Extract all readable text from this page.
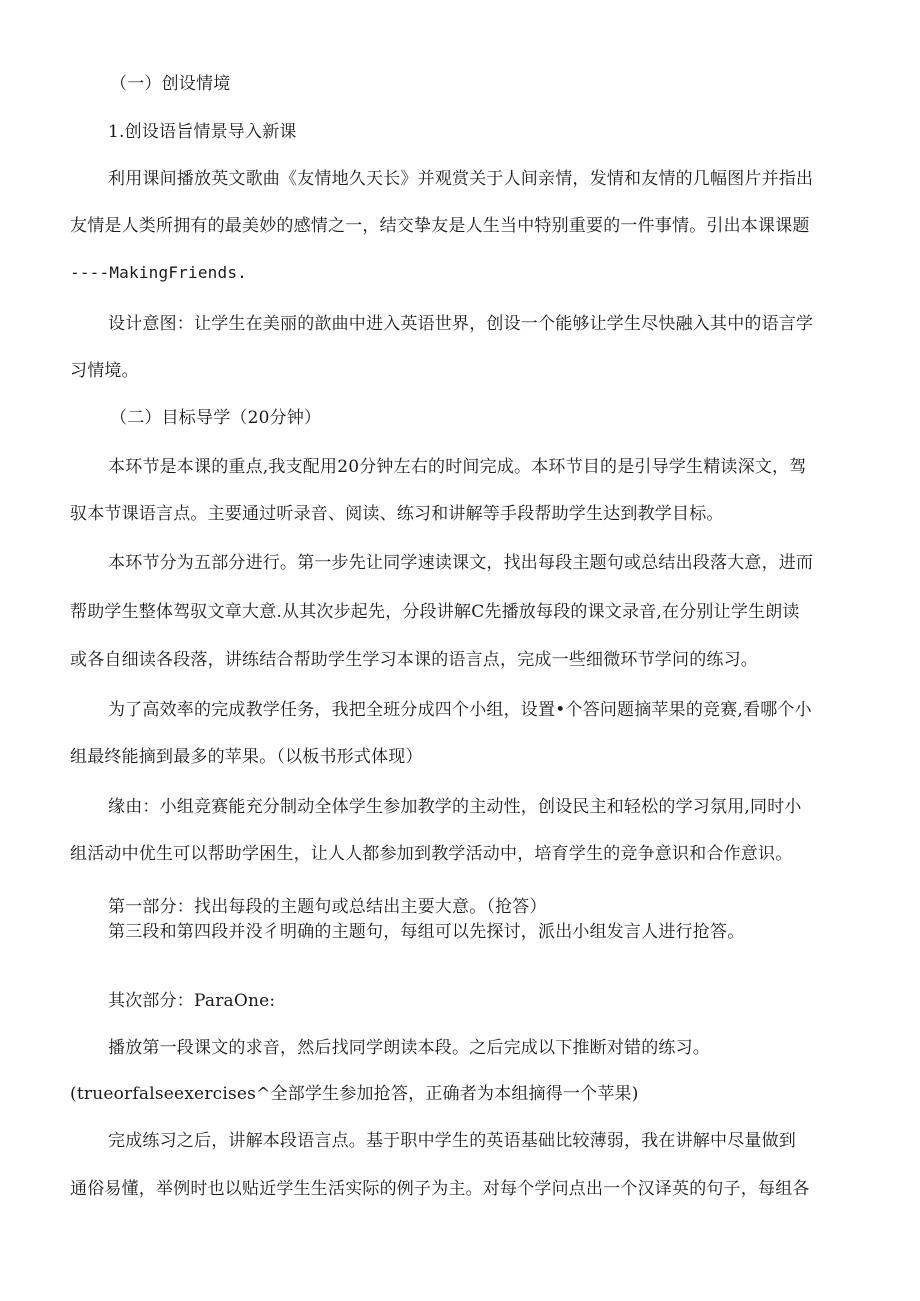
（一）创设情境
1.创设语旨情景导入新课
利用课间播放英文歌曲《友情地久天长》并观赏关于人间亲情，发情和友情的几幅图片并指出
友情是人类所拥有的最美妙的感情之一，结交挚友是人生当中特别重要的一件事情。引出本课课题
----MakingFriends.
设计意图：让学生在美丽的歆曲中进入英语世界，创设一个能够让学生尽快融入其中的语言学
习情境。
（二）目标导学（20分钟）
本环节是本课的重点,我支配用20分钟左右的时间完成。本环节目的是引导学生精读深文，驾
驭本节课语言点。主要通过听录音、阅读、练习和讲解等手段帮助学生达到教学目标。
本环节分为五部分进行。第一步先让同学速读课文，找出每段主题句或总结出段落大意，进而
帮助学生整体驾驭文章大意.从其次步起先，分段讲解C先播放每段的课文录音,在分别让学生朗读
或各自细读各段落，讲练结合帮助学生学习本课的语言点，完成一些细微环节学问的练习。
为了高效率的完成教学任务，我把全班分成四个小组，设置•个答问题摘苹果的竞赛,看哪个小
组最终能摘到最多的苹果。（以板书形式体现）
缘由：小组竞赛能充分制动全体学生参加教学的主动性，创设民主和轻松的学习氛用,同时小
组活动中优生可以帮助学困生，让人人都参加到教学活动中，培育学生的竞争意识和合作意识。
第一部分：找出每段的主题句或总结出主要大意。（抢答）
第三段和第四段并没彳明确的主题句，每组可以先探讨，派出小组发言人进行抢答。
其次部分：ParaOne:
播放第一段课文的求音，然后找同学朗读本段。之后完成以下推断对错的练习。
(trueorfalseexercises^全部学生参加抢答，正确者为本组摘得一个苹果)
完成练习之后，讲解本段语言点。基于职中学生的英语基础比较薄弱，我在讲解中尽量做到
通俗易懂，举例时也以贴近学生生活实际的例子为主。对每个学问点出一个汉译英的句子，每组各
